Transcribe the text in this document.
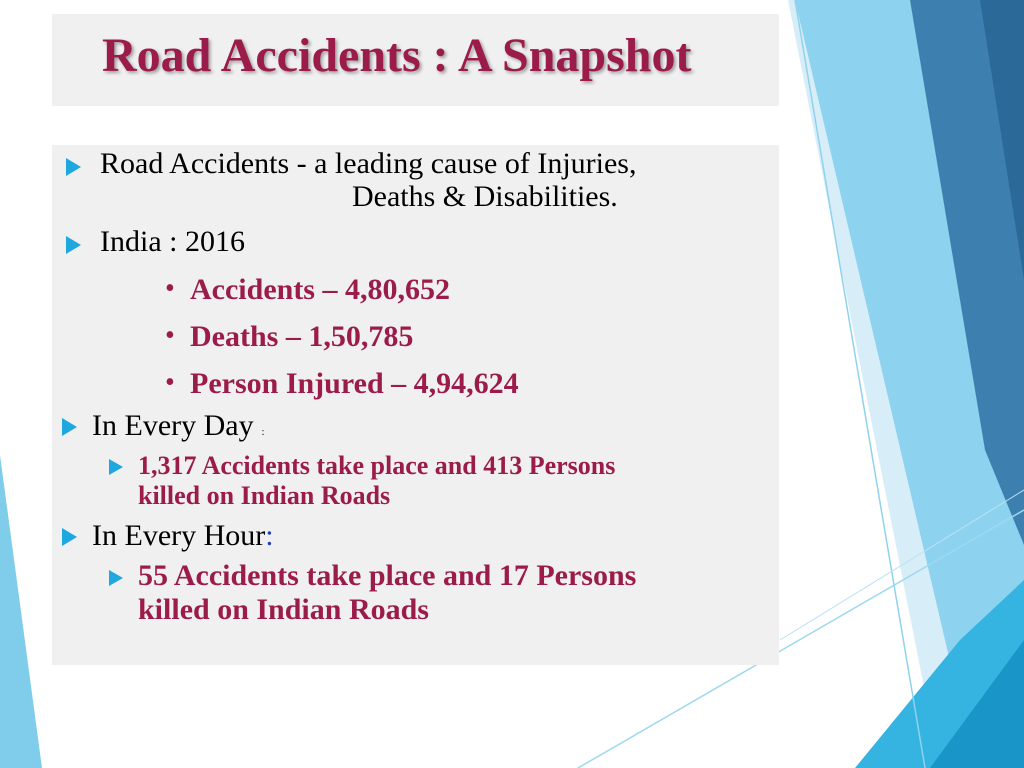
Road Accidents : A Snapshot
Road Accidents - a leading cause of Injuries,
Deaths & Disabilities.
India : 2016
• Accidents – 4,80,652
• Deaths – 1,50,785
• Person Injured – 4,94,624
In Every Day :
1,317 Accidents take place and 413 Persons
killed on Indian Roads
In Every Hour:
55 Accidents take place and 17 Persons
killed on Indian Roads
